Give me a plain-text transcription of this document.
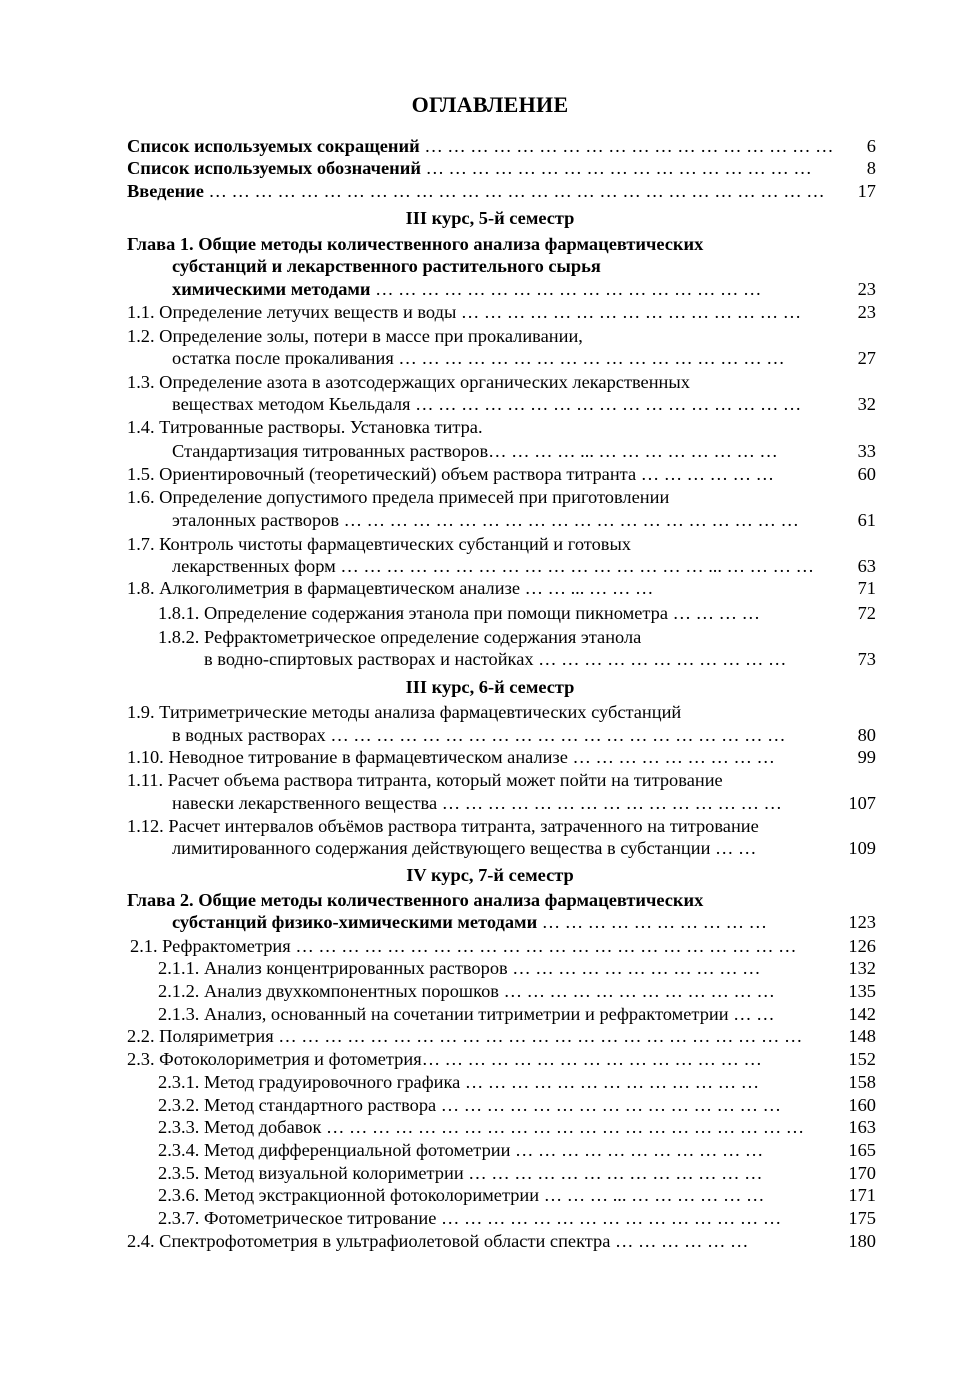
ОГЛАВЛЕНИЕ
Список используемых сокращений … … … … … … … … … … … … … … … … … … 6
Список используемых обозначений … … … … … … … … … … … … … … … … …	8
Введение … … … … … … … … … … … … … … … … … … … … … … … … … … … 17
III курс, 5-й семестр
Глава 1. Общие методы количественного анализа фармацевтических
субстанций и лекарственного растительного сырья
химическими методами … … … … … … … … … … … … … … … … …	23
1.1. Определение летучих веществ и воды … … … … … … … … … … … … … … …	23
1.2. Определение золы, потери в массе при прокаливании,
остатка после прокаливания … … … … … … … … … … … … … … … … …	27
1.3. Определение азота в азотсодержащих органических лекарственных
веществах методом Кьельдаля … … … … … … … … … … … … … … … … …	32
1.4. Титрованные растворы. Установка титра.
Стандартизация титрованных растворов… … … … ... … … … … … … … …	33
1.5. Ориентировочный (теоретический) объем раствора титранта … … … … … …	60
1.6. Определение допустимого предела примесей при приготовлении
эталонных растворов … … … … … … … … … … … … … … … … … … … …	61
1.7. Контроль чистоты фармацевтических субстанций и готовых
лекарственных форм … … … … … … … … … … … … … … … … ... … … … … 63
1.8. Алкоголиметрия в фармацевтическом анализе … … ... … … …	71
1.8.1. Определение содержания этанола при помощи пикнометра … … … …	72
1.8.2. Рефрактометрическое определение содержания этанола
в водно-спиртовых растворах и настойках … … … … … … … … … … …	73
III курс, 6-й семестр
1.9. Титриметрические методы анализа фармацевтических субстанций
в водных растворах … … … … … … … … … … … … … … … … … … … …	80
1.10. Неводное титрование в фармацевтическом анализе … … … … … … … … …	99
1.11. Расчет объема раствора титранта, который может пойти на титрование
навески лекарственного вещества … … … … … … … … … … … … … … …	107
1.12. Расчет интервалов объёмов раствора титранта, затраченного на титрование
лимитированного содержания действующего вещества в субстанции … …	109
IV курс, 7-й семестр
Глава 2. Общие методы количественного анализа фармацевтических
субстанций физико-химическими методами … … … … … … … … … …	123
2.1. Рефрактометрия … … … … … … … … … … … … … … … … … … … … … …	126
2.1.1. Анализ концентрированных растворов … … … … … … … … … … …	132
2.1.2. Анализ двухкомпонентных порошков … … … … … … … … … … … …	135
2.1.3. Анализ, основанный на сочетании титриметрии и рефрактометрии … …	142
2.2. Поляриметрия … … … … … … … … … … … … … … … … … … … … … … …	148
2.3. Фотоколориметрия и фотометрия… … … … … … … … … … … … … … …	152
2.3.1. Метод градуировочного графика … … … … … … … … … … … … …	158
2.3.2. Метод стандартного раствора … … … … … … … … … … … … … … …	160
2.3.3. Метод добавок … … … … … … … … … … … … … … … … … … … … … 163
2.3.4. Метод дифференциальной фотометрии … … … … … … … … … … …	165
2.3.5. Метод визуальной колориметрии … … … … … … … … … … … … …	170
2.3.6. Метод экстракционной фотоколориметрии … … … ... … … … … … …	171
2.3.7. Фотометрическое титрование … … … … … … … … … … … … … … …	175
2.4. Спектрофотометрия в ультрафиолетовой области спектра … … … … … …	180
